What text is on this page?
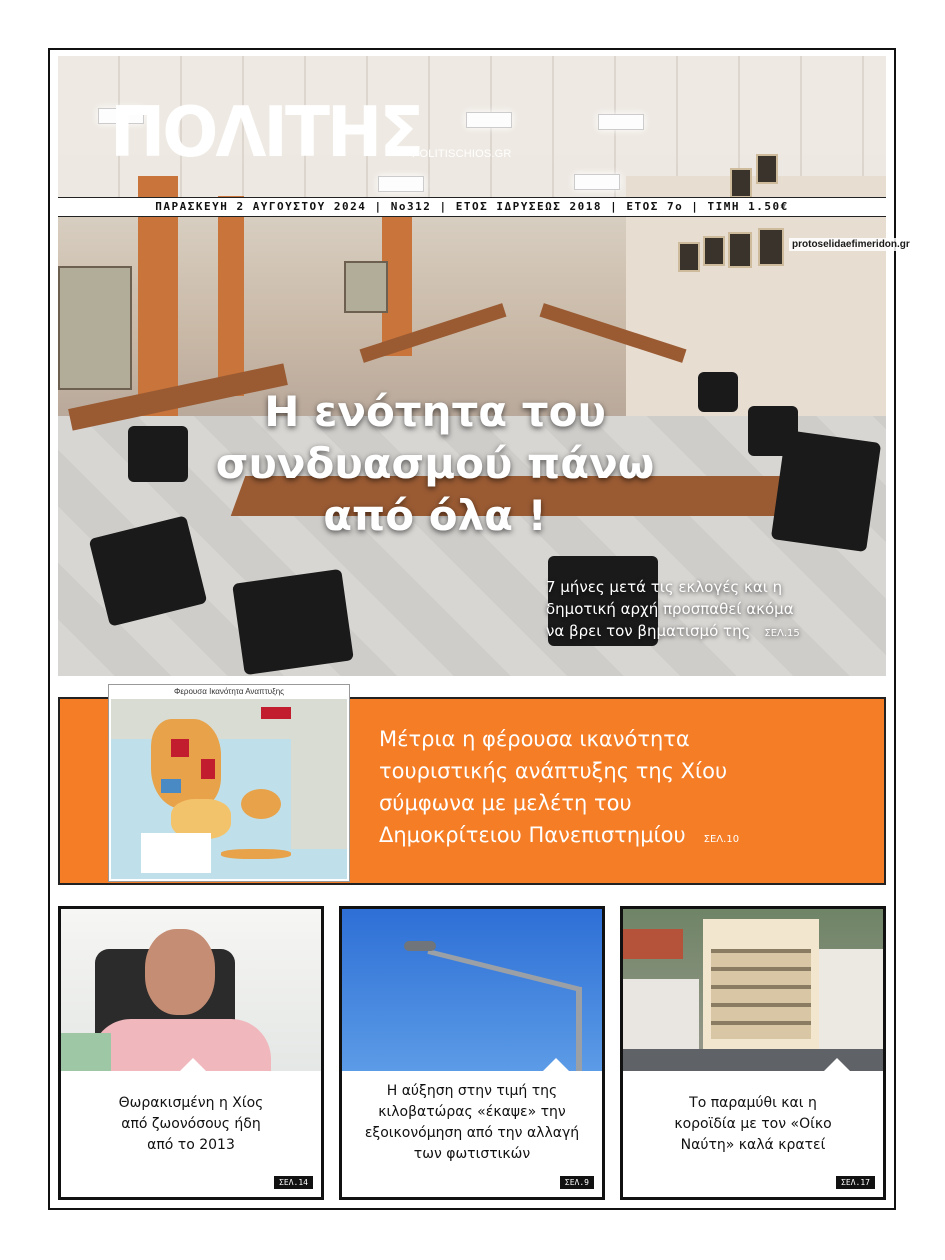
ΠΟΛΙΤΗΣ
POLITISCHIOS.GR
ΠΑΡΑΣΚΕΥΗ 2 ΑΥΓΟΥΣΤΟΥ 2024 | Νο312 | ΕΤΟΣ ΙΔΡΥΣΕΩΣ 2018 | ΕΤΟΣ 7ο | ΤΙΜΗ 1.50€
protoselidaefimeridon.gr
Η ενότητα του
συνδυασμού πάνω
από όλα !
7 μήνες μετά τις εκλογές και η
δημοτική αρχή προσπαθεί ακόμα
να βρει τον βηματισμό της ΣΕΛ.15
Φερουσα Ικανότητα Αναπτυξης
Μέτρια η φέρουσα ικανότητα
τουριστικής ανάπτυξης της Χίου
σύμφωνα με μελέτη του
Δημοκρίτειου Πανεπιστημίου ΣΕΛ.10
Θωρακισμένη η Χίος
από ζωονόσους ήδη
από το 2013
ΣΕΛ.14
Η αύξηση στην τιμή της
κιλοβατώρας «έκαψε» την
εξοικονόμηση από την αλλαγή
των φωτιστικών
ΣΕΛ.9
Το παραμύθι και η
κοροϊδία με τον «Οίκο
Ναύτη» καλά κρατεί
ΣΕΛ.17
